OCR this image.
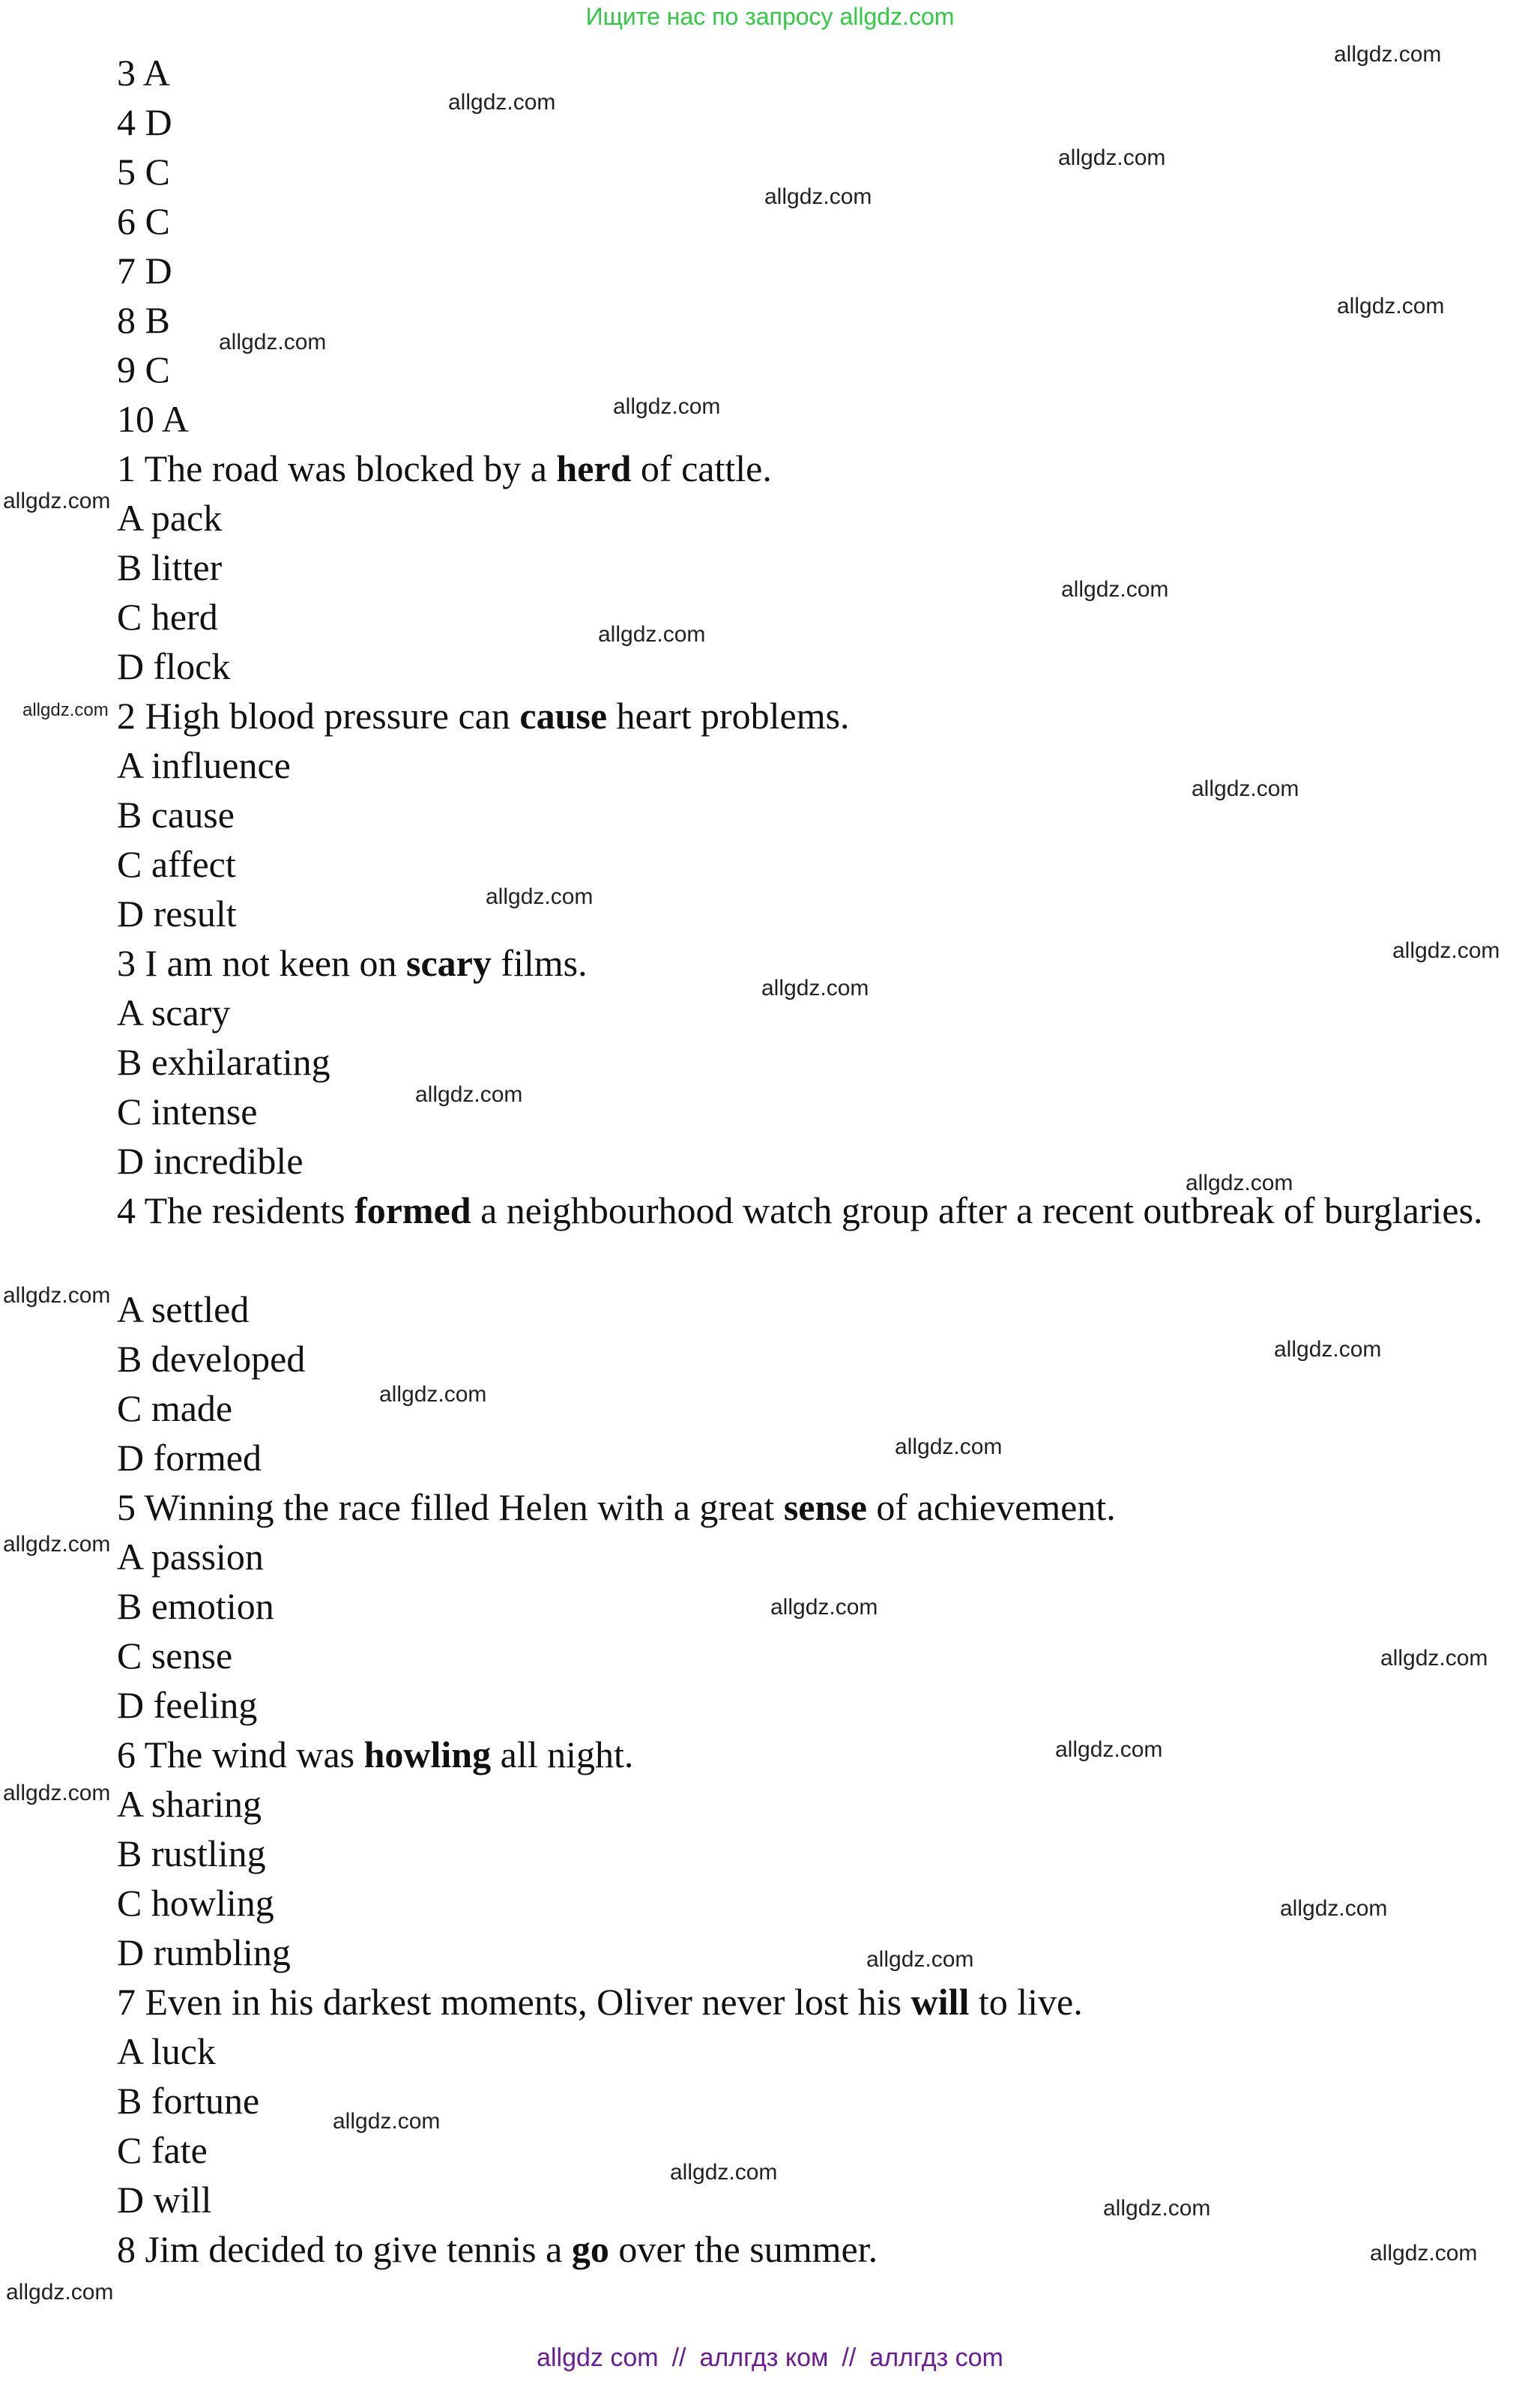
Ищите нас по запросу allgdz.com
3 A
4 D
5 C
6 C
7 D
8 B
9 C
10 A
1 The road was blocked by a herd of cattle.
A pack
B litter
C herd
D flock
2 High blood pressure can cause heart problems.
A influence
B cause
C affect
D result
3 I am not keen on scary films.
A scary
B exhilarating
C intense
D incredible
4 The residents formed a neighbourhood watch group after a recent outbreak of burglaries.
A settled
B developed
C made
D formed
5 Winning the race filled Helen with a great sense of achievement.
A passion
B emotion
C sense
D feeling
6 The wind was howling all night.
A sharing
B rustling
C howling
D rumbling
7 Even in his darkest moments, Oliver never lost his will to live.
A luck
B fortune
C fate
D will
8 Jim decided to give tennis a go over the summer.
allgdz.com
allgdz.com
allgdz.com
allgdz.com
allgdz.com
allgdz.com
allgdz.com
allgdz.com
allgdz.com
allgdz.com
allgdz.com
allgdz.com
allgdz.com
allgdz.com
allgdz.com
allgdz.com
allgdz.com
allgdz.com
allgdz.com
allgdz.com
allgdz.com
allgdz.com
allgdz.com
allgdz.com
allgdz.com
allgdz.com
allgdz.com
allgdz.com
allgdz.com
allgdz.com
allgdz.com
allgdz.com
allgdz.com
allgdz com // аллгдз ком // аллгдз com
